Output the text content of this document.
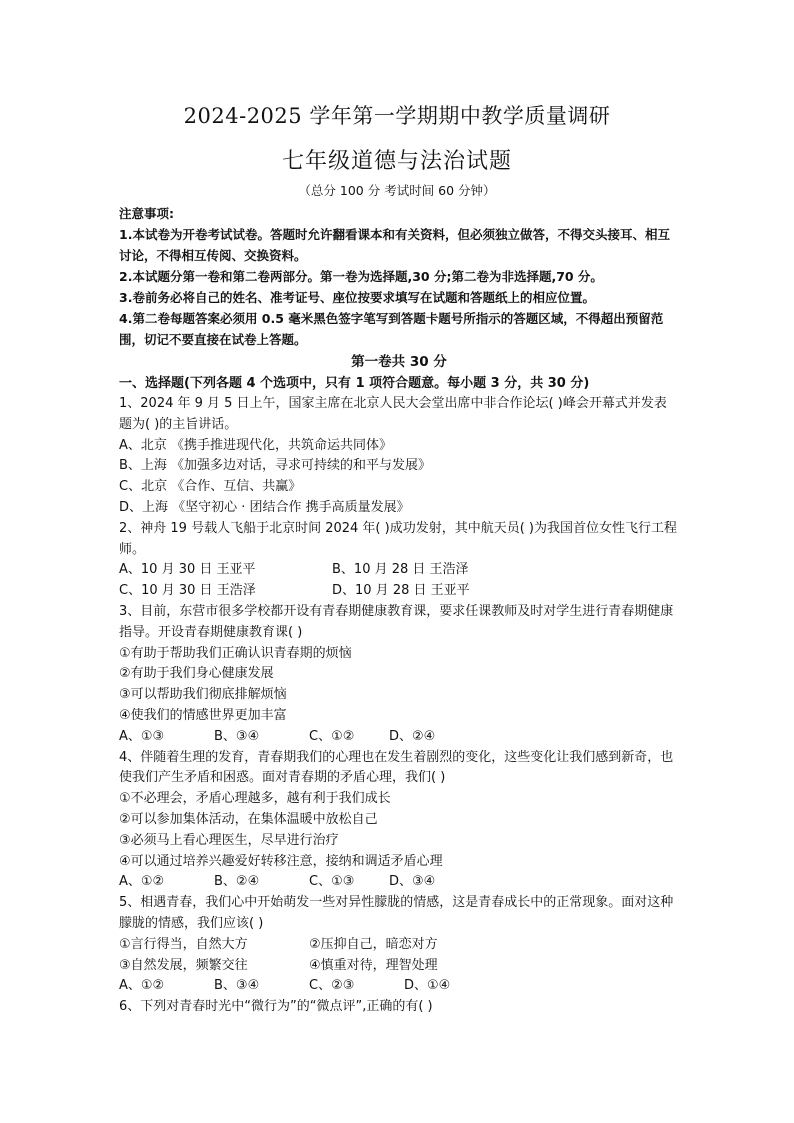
2024-2025 学年第一学期期中教学质量调研
七年级道德与法治试题
（总分 100 分 考试时间 60 分钟）

注意事项:

1.本试卷为开卷考试试卷。答题时允许翻看课本和有关资料，但必须独立做答，不得交头接耳、相互讨论，不得相互传阅、交换资料。

2.本试题分第一卷和第二卷两部分。第一卷为选择题,30 分;第二卷为非选择题,70 分。

3.卷前务必将自己的姓名、准考证号、座位按要求填写在试题和答题纸上的相应位置。

4.第二卷每题答案必须用 0.5 毫米黑色签字笔写到答题卡题号所指示的答题区域，不得超出预留范围，切记不要直接在试卷上答题。

第一卷共 30 分
一、选择题(下列各题 4 个选项中，只有 1 项符合题意。每小题 3 分，共 30 分)

1、2024 年 9 月 5 日上午，国家主席在北京人民大会堂出席中非合作论坛( )峰会开幕式并发表题为( )的主旨讲话。

A、北京 《携手推进现代化，共筑命运共同体》

B、上海 《加强多边对话，寻求可持续的和平与发展》

C、北京 《合作、互信、共赢》

D、上海 《坚守初心 · 团结合作 携手高质量发展》

2、神舟 19 号载人飞船于北京时间 2024 年( )成功发射，其中航天员( )为我国首位女性飞行工程师。

A、10 月 30 日 王亚平	B、10 月 28 日 王浩泽
C、10 月 30 日 王浩泽	D、10 月 28 日 王亚平

3、目前，东营市很多学校都开设有青春期健康教育课，要求任课教师及时对学生进行青春期健康指导。开设青春期健康教育课( )

①有助于帮助我们正确认识青春期的烦恼

②有助于我们身心健康发展

③可以帮助我们彻底排解烦恼

④使我们的情感世界更加丰富

A、①③	B、③④	C、①②	D、②④

4、伴随着生理的发育，青春期我们的心理也在发生着剧烈的变化，这些变化让我们感到新奇，也使我们产生矛盾和困惑。面对青春期的矛盾心理，我们( )

①不必理会，矛盾心理越多，越有利于我们成长

②可以参加集体活动，在集体温暖中放松自己

③必须马上看心理医生，尽早进行治疗

④可以通过培养兴趣爱好转移注意，接纳和调适矛盾心理

A、①②	B、②④	C、①③	D、③④

5、相遇青春，我们心中开始萌发一些对异性朦胧的情感，这是青春成长中的正常现象。面对这种朦胧的情感，我们应该( )

①言行得当，自然大方	②压抑自己，暗恋对方
③自然发展，频繁交往	④慎重对待，理智处理
A、①②	B、③④	C、②③	D、①④

6、下列对青春时光中“微行为”的“微点评”,正确的有( )
